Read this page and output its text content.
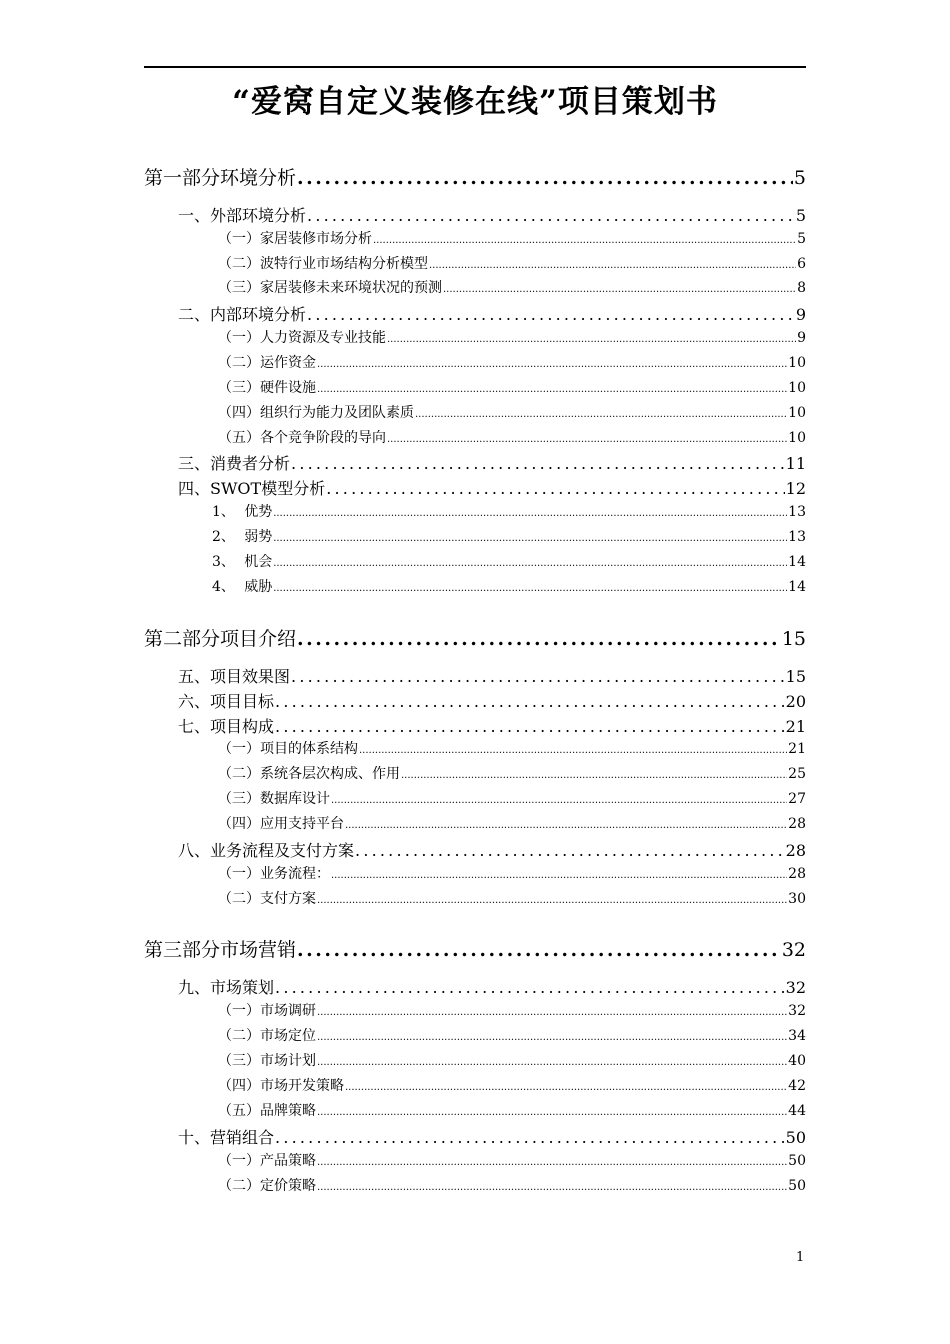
“爱窝自定义装修在线”项目策划书
第一部分 环境分析 .....	5
一、 外部环境分析 .....	5
（一） 家居装修市场分析 .....	5
（二） 波特行业市场结构分析模型 .....	6
（三） 家居装修未来环境状况的预测 .....	8
二、 内部环境分析 .....	9
（一） 人力资源及专业技能 .....	9
（二） 运作资金 .....	10
（三） 硬件设施 .....	10
（四） 组织行为能力及团队素质 .....	10
（五） 各个竞争阶段的导向 .....	10
三、 消费者分析 .....	11
四、 SWOT模型分析 .....	12
1、 优势 .....	13
2、 弱势 .....	13
3、 机会 .....	14
4、 威胁 .....	14
第二部分 项目介绍 .....	15
五、 项目效果图 .....	15
六、 项目目标 .....	20
七、 项目构成 .....	21
（一） 项目的体系结构 .....	21
（二） 系统各层次构成、作用 .....	25
（三） 数据库设计 .....	27
（四） 应用支持平台 .....	28
八、 业务流程及支付方案 .....	28
（一） 业务流程： .....	28
（二） 支付方案 .....	30
第三部分 市场营销 .....	32
九、 市场策划 .....	32
（一） 市场调研 .....	32
（二） 市场定位 .....	34
（三） 市场计划 .....	40
（四） 市场开发策略 .....	42
（五） 品牌策略 .....	44
十、 营销组合 .....	50
（一） 产品策略 .....	50
（二） 定价策略 .....	50
1
